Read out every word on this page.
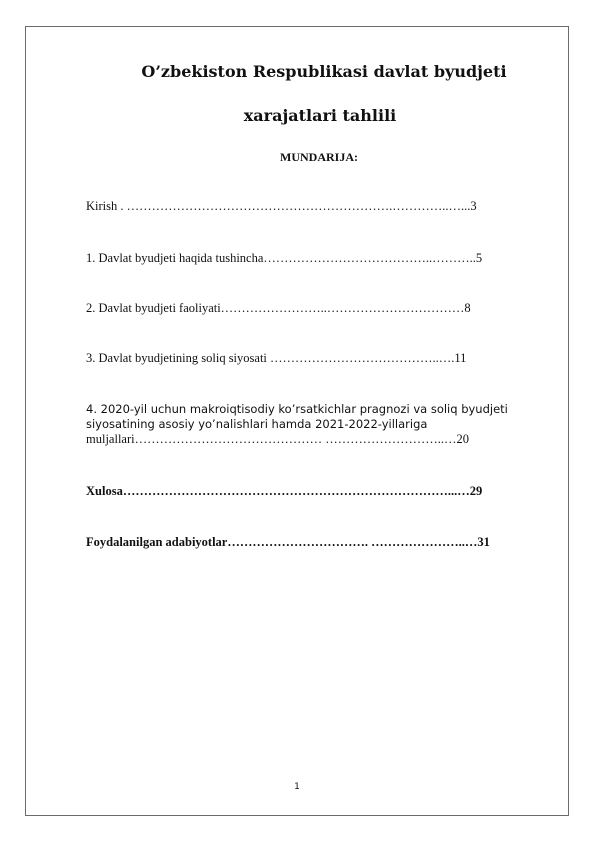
O’zbekiston Respublikasi davlat byudjeti
xarajatlari tahlili
MUNDARIJA:

Kirish . ……………………………………………………….…………..…...3

1. Davlat byudjeti haqida tushincha…………………………………..………..5

2. Davlat byudjeti faoliyati……………………..……………………………8

3. Davlat byudjetining soliq siyosati …………………………………..….11

4. 2020-yil uchun makroiqtisodiy ko’rsatkichlar pragnozi va soliq byudjeti
siyosatining asosiy yo’nalishlari hamda 2021-2022-yillariga
muljallari……………………………………… ………………………..…20

Xulosa……………………………………………………………………...…29

Foydalanilgan adabiyotlar……………………………. …………………..…31

1
